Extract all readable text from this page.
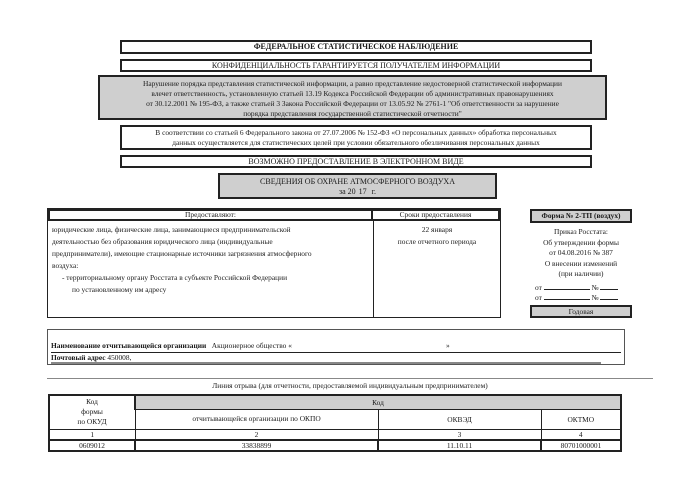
ФЕДЕРАЛЬНОЕ СТАТИСТИЧЕСКОЕ НАБЛЮДЕНИЕ
КОНФИДЕНЦИАЛЬНОСТЬ ГАРАНТИРУЕТСЯ ПОЛУЧАТЕЛЕМ ИНФОРМАЦИИ
Нарушение порядка представления статистической информации, а равно представление недостоверной статистической информации
влечет ответственность, установленную статьей 13.19 Кодекса Российской Федерации об административных правонарушениях
от 30.12.2001 № 195-ФЗ, а также статьей 3 Закона Российской Федерации от 13.05.92 № 2761-1 "Об ответственности за нарушение
порядка представления государственной статистической отчетности"
В соответствии со статьей 6 Федерального закона от 27.07.2006 № 152-ФЗ «О персональных данных» обработка персональных
данных осуществляется для статистических целей при условии обязательного обезличивания персональных данных
ВОЗМОЖНО ПРЕДОСТАВЛЕНИЕ В ЭЛЕКТРОННОМ ВИДЕ
СВЕДЕНИЯ ОБ ОХРАНЕ АТМОСФЕРНОГО ВОЗДУХА
за 20 17 г.
Предоставляют:	Сроки предоставления
юридические лица, физические лица, занимающиеся предпринимательской
деятельностью без образования юридического лица (индивидуальные
предприниматели), имеющие стационарные источники загрязнения атмосферного
воздуха:
- территориальному органу Росстата в субъекте Российской Федерации
по установленному им адресу
22 января
после отчетного периода
Форма № 2-ТП (воздух)
Приказ Росстата:
Об утверждении формы
от 04.08.2016 № 387
О внесении изменений
(при наличии)
от	№
от	№
Годовая
Наименование отчитывающейся организации Акционерное общество «	»
Почтовый адрес 450008,
Линия отрыва (для отчетности, предоставляемой индивидуальным предпринимателем)
Код
формы
по ОКУД	Код		
	отчитывающейся организации по ОКПО	ОКВЭД	ОКТМО
1	2	3	4
0609012	33838899	11.10.11	80701000001
